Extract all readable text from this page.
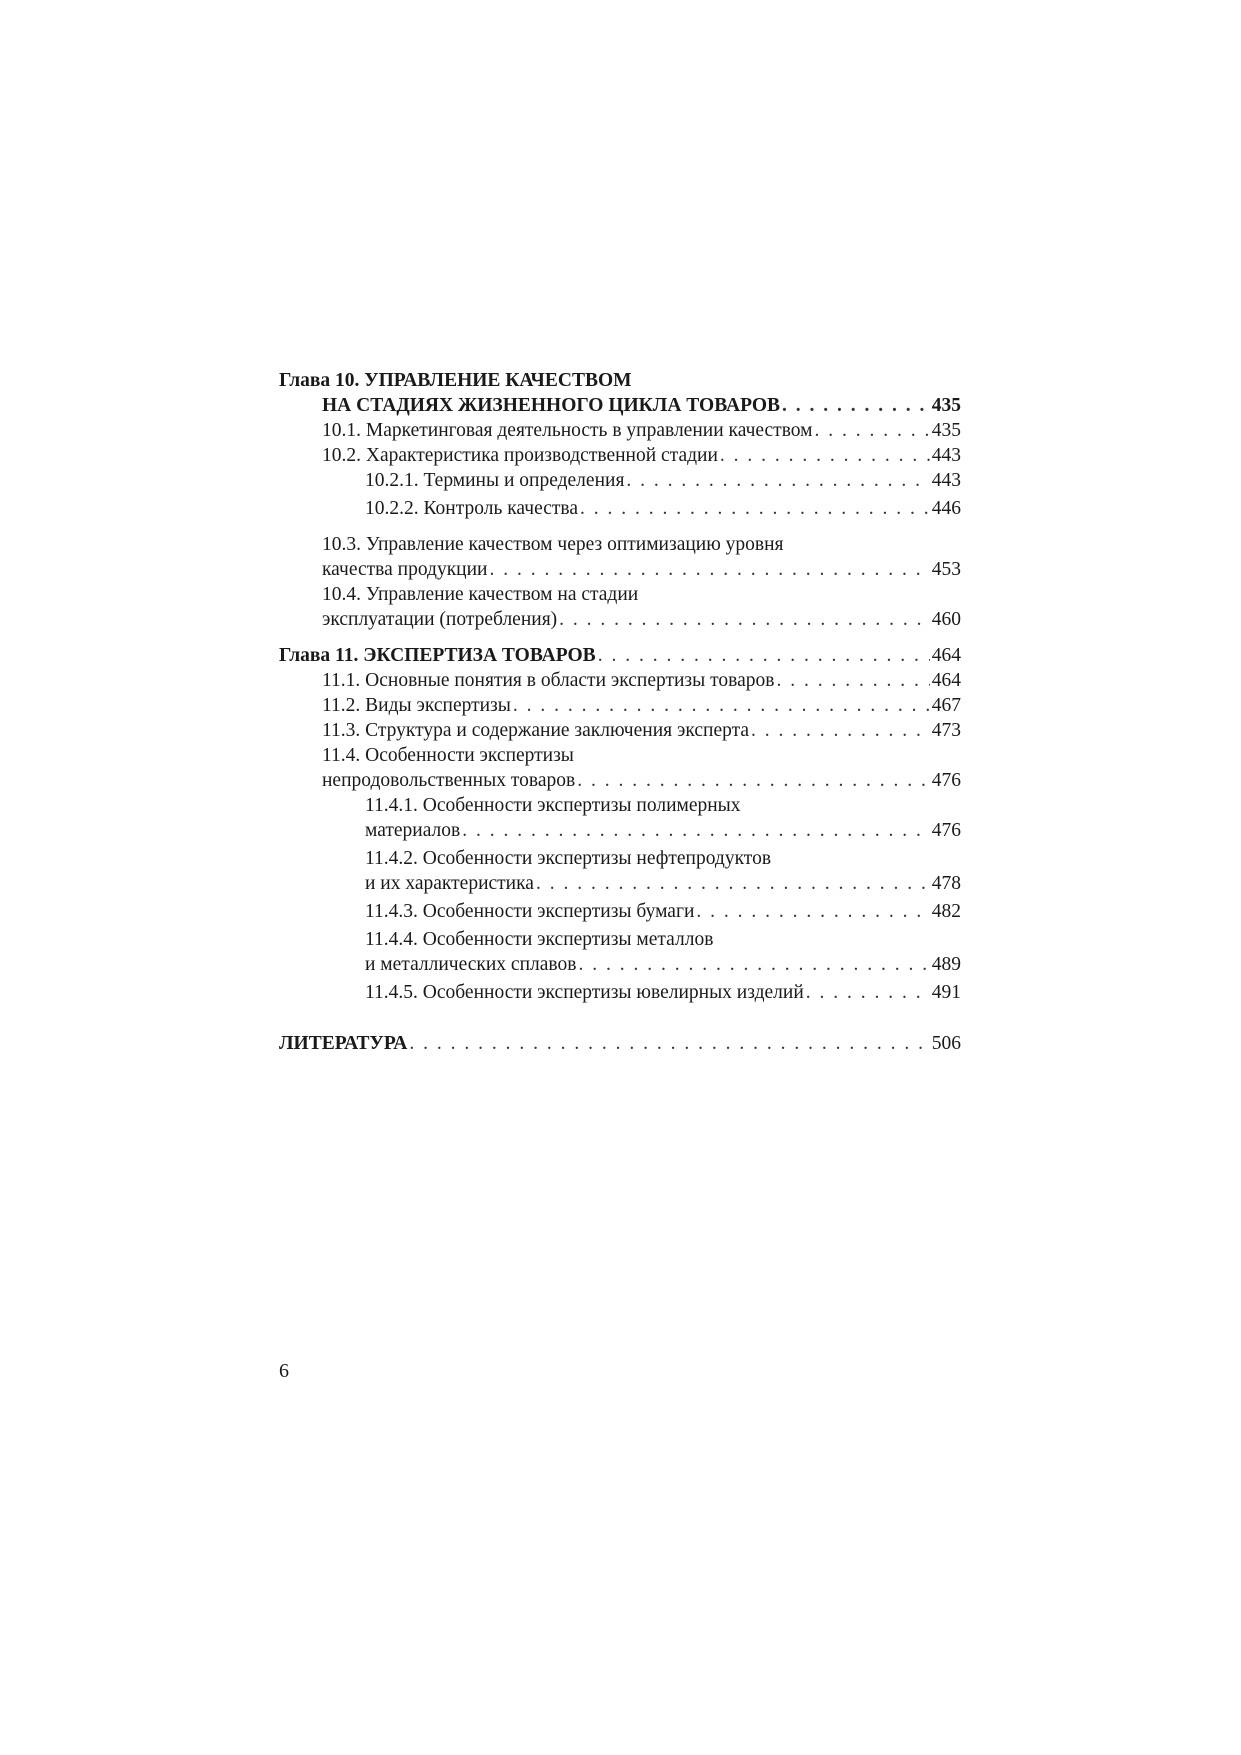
Глава 10. УПРАВЛЕНИЕ КАЧЕСТВОМ
НА СТАДИЯХ ЖИЗНЕННОГО ЦИКЛА ТОВАРОВ . . .	435
10.1. Маркетинговая деятельность в управлении качеством . . .	435
10.2. Характеристика производственной стадии . . .	443
10.2.1. Термины и определения . . .	443
10.2.2. Контроль качества . . .	446
10.3. Управление качеством через оптимизацию уровня
качества продукции . . .	453
10.4. Управление качеством на стадии
эксплуатации (потребления) . . .	460
Глава 11. ЭКСПЕРТИЗА ТОВАРОВ . . .	464
11.1. Основные понятия в области экспертизы товаров . . .	464
11.2. Виды экспертизы . . .	467
11.3. Структура и содержание заключения эксперта . . .	473
11.4. Особенности экспертизы
непродовольственных товаров . . .	476
11.4.1. Особенности экспертизы полимерных
материалов . . .	476
11.4.2. Особенности экспертизы нефтепродуктов
и их характеристика . . .	478
11.4.3. Особенности экспертизы бумаги . . .	482
11.4.4. Особенности экспертизы металлов
и металлических сплавов . . .	489
11.4.5. Особенности экспертизы ювелирных изделий . . .	491
ЛИТЕРАТУРА . . .	506
6
